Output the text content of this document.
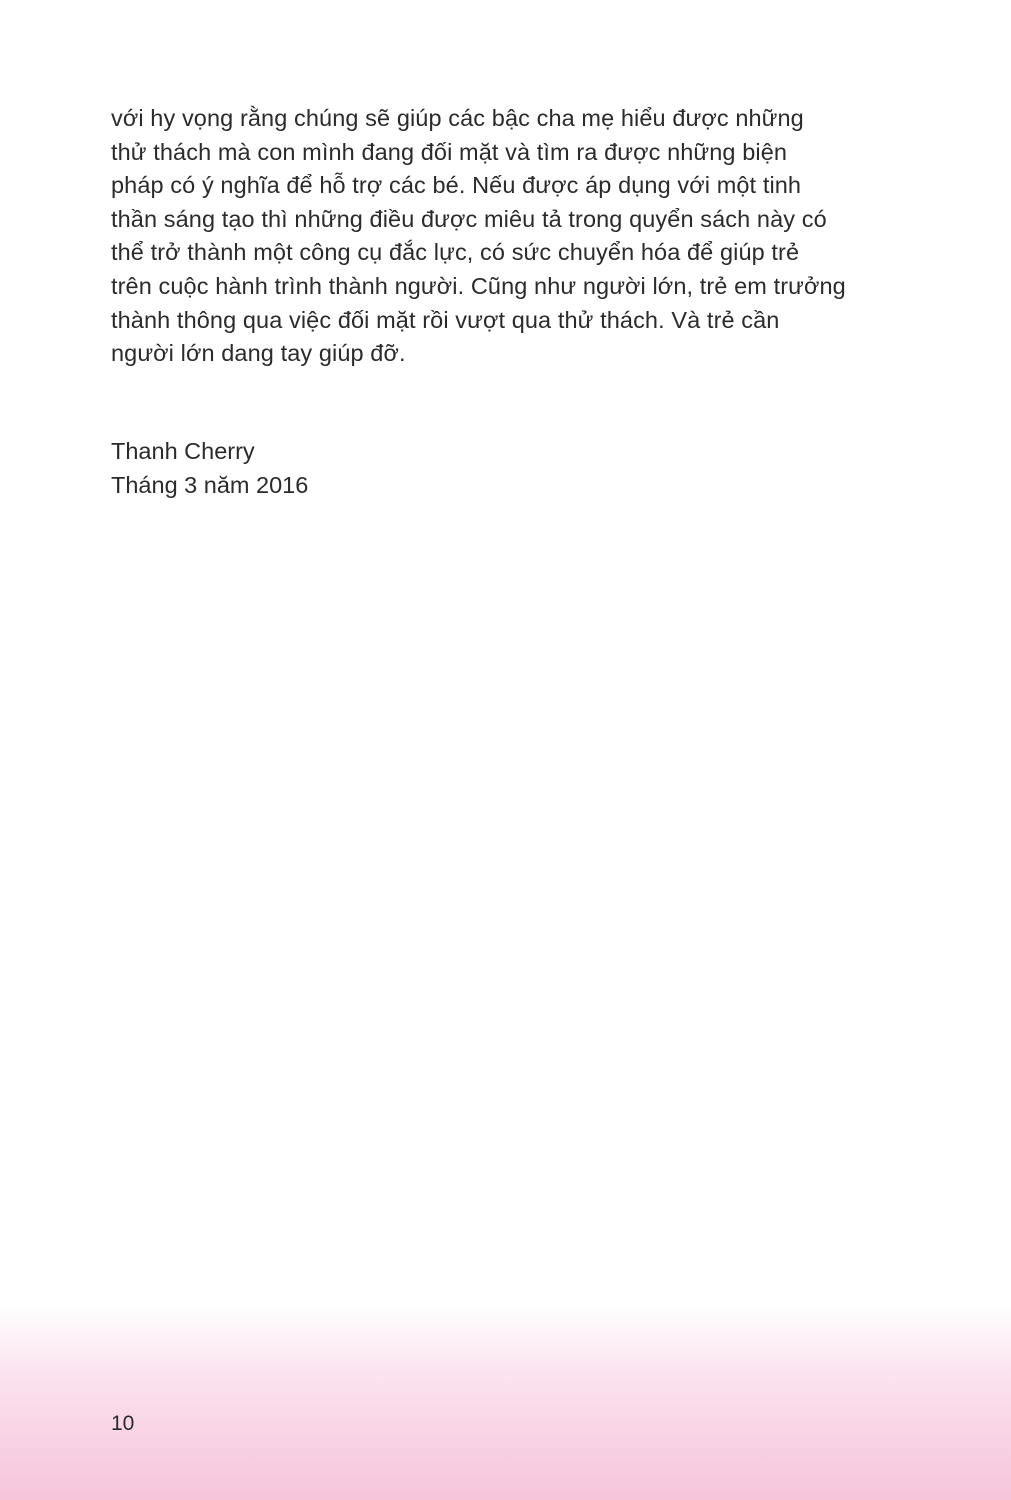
với hy vọng rằng chúng sẽ giúp các bậc cha mẹ hiểu được những
thử thách mà con mình đang đối mặt và tìm ra được những biện
pháp có ý nghĩa để hỗ trợ các bé. Nếu được áp dụng với một tinh
thần sáng tạo thì những điều được miêu tả trong quyển sách này có
thể trở thành một công cụ đắc lực, có sức chuyển hóa để giúp trẻ
trên cuộc hành trình thành người. Cũng như người lớn, trẻ em trưởng
thành thông qua việc đối mặt rồi vượt qua thử thách. Và trẻ cần
người lớn dang tay giúp đỡ.
Thanh Cherry
Tháng 3 năm 2016
10
